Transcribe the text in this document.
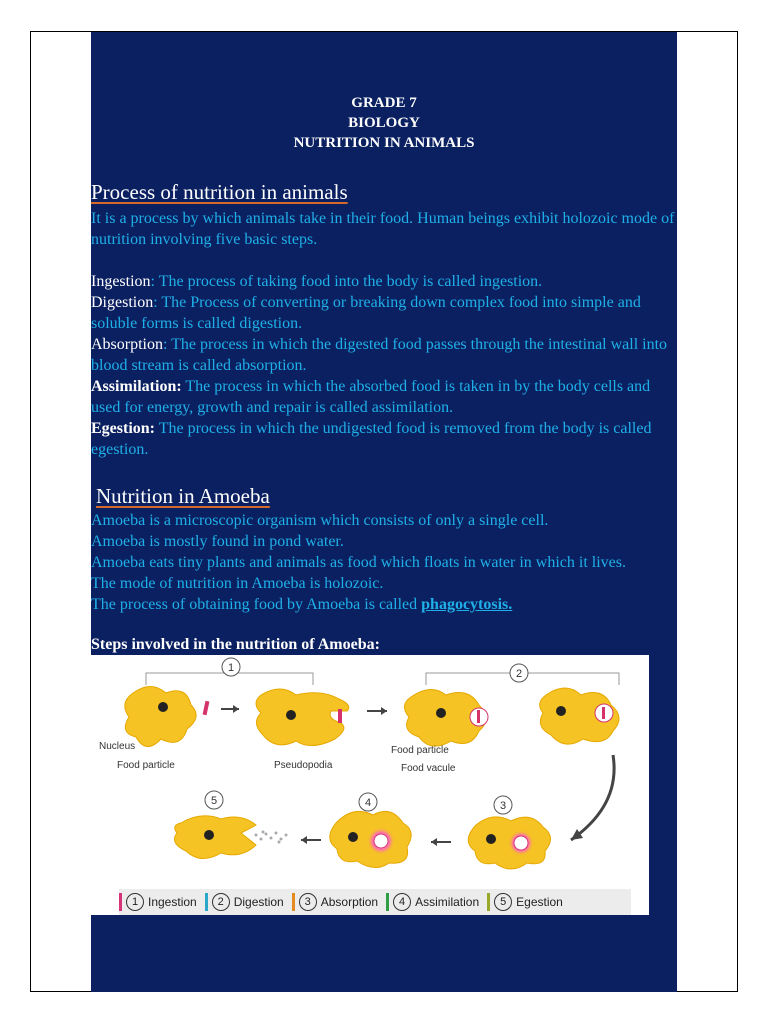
GRADE 7
BIOLOGY
NUTRITION IN ANIMALS
Process of nutrition in animals
It is a process by which animals take in their food. Human beings exhibit holozoic mode of nutrition involving five basic steps.
Ingestion: The process of taking food into the body is called ingestion.
Digestion: The Process of converting or breaking down complex food into simple and soluble forms is called digestion.
Absorption: The process in which the digested food passes through the intestinal wall into blood stream is called absorption.
Assimilation: The process in which the absorbed food is taken in by the body cells and used for energy, growth and repair is called assimilation.
Egestion: The process in which the undigested food is removed from the body is called egestion.
Nutrition in Amoeba
Amoeba is a microscopic organism which consists of only a single cell.
Amoeba is mostly found in pond water.
Amoeba eats tiny plants and animals as food which floats in water in which it lives.
The mode of nutrition in Amoeba is holozoic.
The process of obtaining food by Amoeba is called phagocytosis.
Steps involved in the nutrition of Amoeba:
1	2
5	4	3
Nucleus
Food particle	Pseudopodia
Food particle
Food vacule
1 Ingestion	2 Digestion	3 Absorption	4 Assimilation	5 Egestion
